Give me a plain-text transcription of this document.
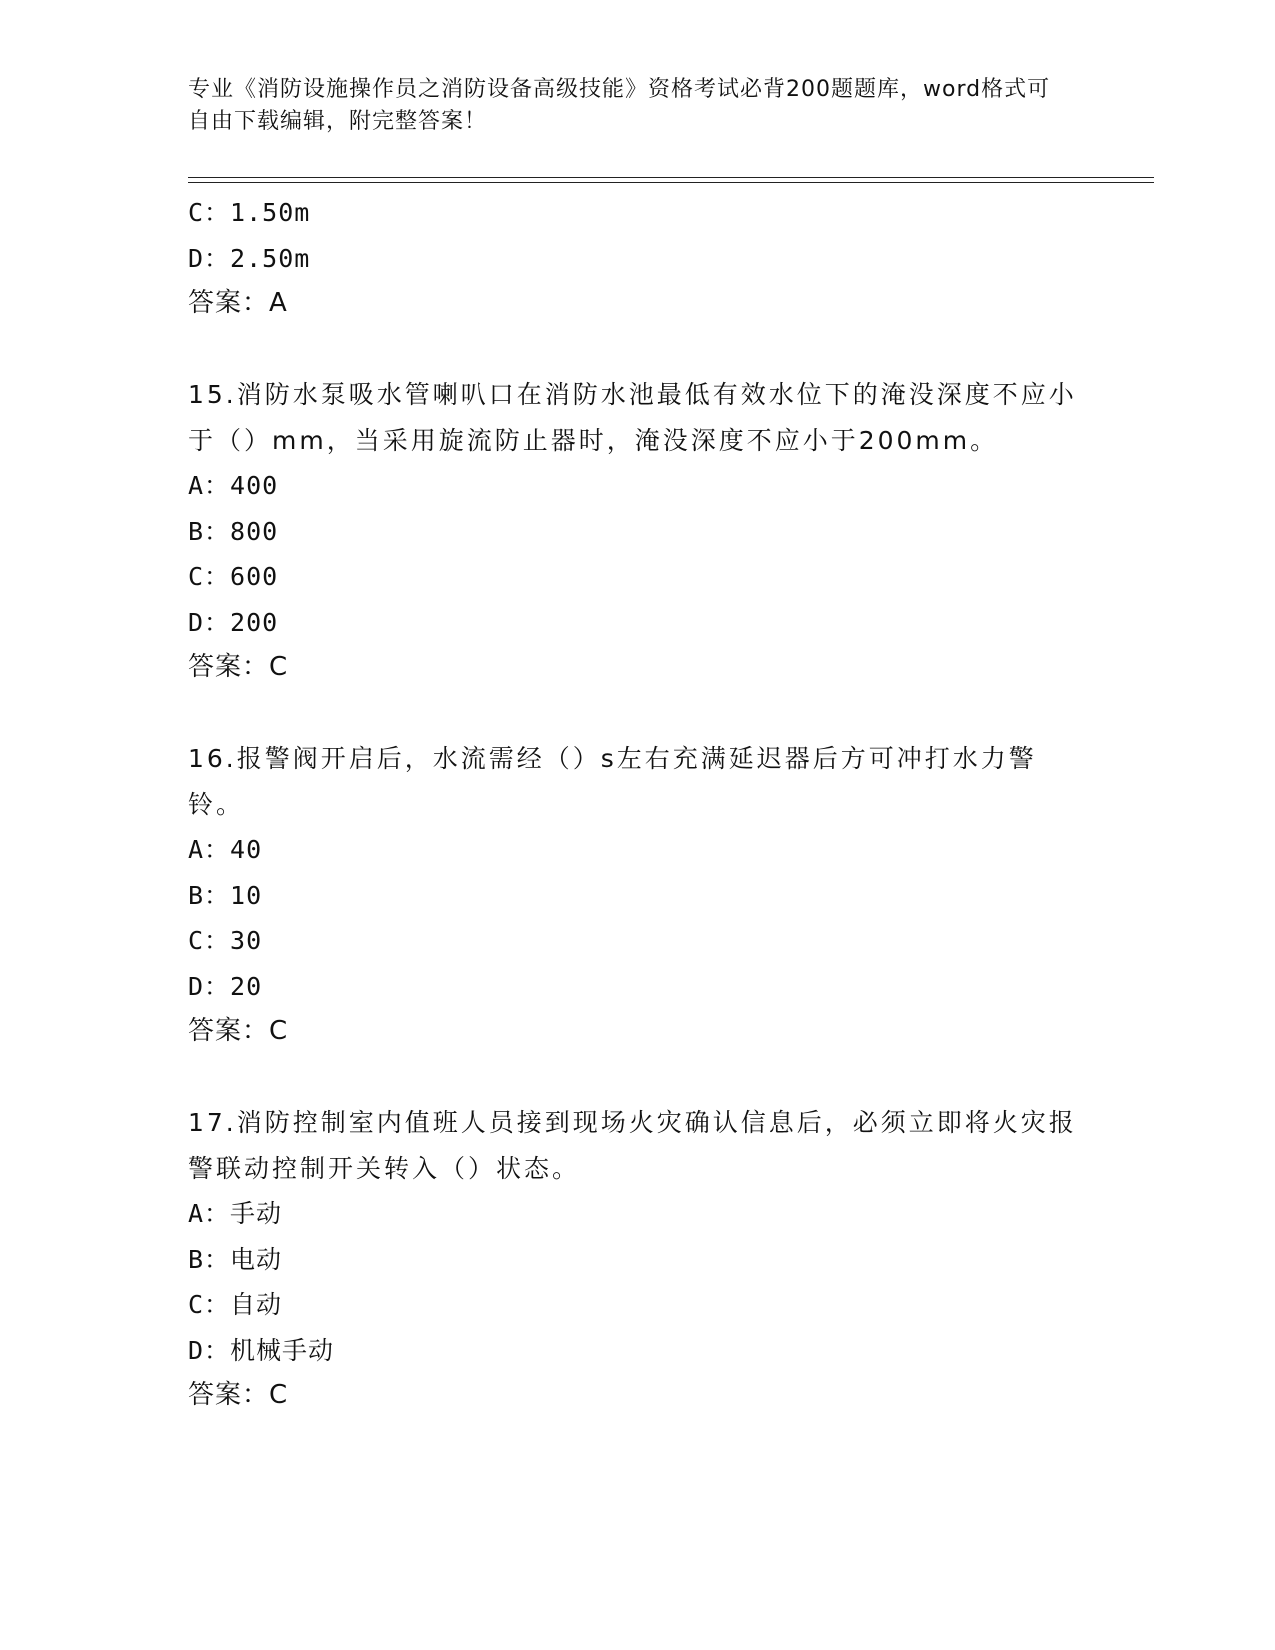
专业《消防设施操作员之消防设备高级技能》资格考试必背200题题库，word格式可自由下载编辑，附完整答案！
C：1.50m
D：2.50m
答案：A
15.消防水泵吸水管喇叭口在消防水池最低有效水位下的淹没深度不应小于（）mm，当采用旋流防止器时，淹没深度不应小于200mm。
A：400
B：800
C：600
D：200
答案：C
16.报警阀开启后，水流需经（）s左右充满延迟器后方可冲打水力警铃。
A：40
B：10
C：30
D：20
答案：C
17.消防控制室内值班人员接到现场火灾确认信息后，必须立即将火灾报警联动控制开关转入（）状态。
A：手动
B：电动
C：自动
D：机械手动
答案：C
